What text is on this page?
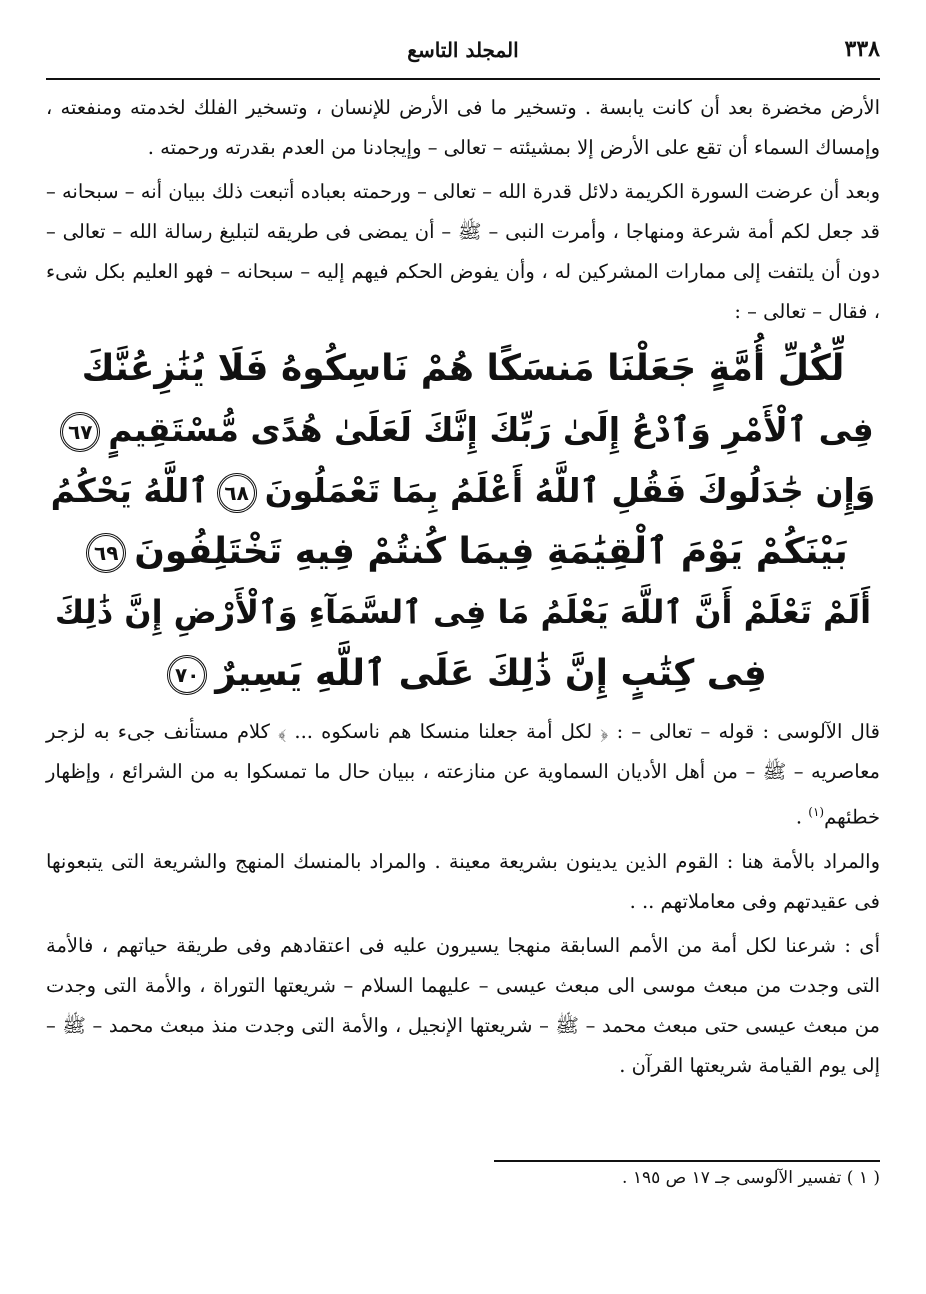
٣٣٨
المجلد التاسع

الأرض مخضرة بعد أن كانت يابسة . وتسخير ما فى الأرض للإنسان ، وتسخير الفلك لخدمته ومنفعته ، وإمساك السماء أن تقع على الأرض إلا بمشيئته – تعالى – وإيجادنا من العدم بقدرته ورحمته .

وبعد أن عرضت السورة الكريمة دلائل قدرة الله – تعالى – ورحمته بعباده أتبعت ذلك ببيان أنه – سبحانه – قد جعل لكم أمة شرعة ومنهاجا ، وأمرت النبى – ﷺ – أن يمضى فى طريقه لتبليغ رسالة الله – تعالى – دون أن يلتفت إلى ممارات المشركين له ، وأن يفوض الحكم فيهم إليه – سبحانه – فهو العليم بكل شىء ، فقال – تعالى – :

لِّكُلِّ أُمَّةٍ جَعَلْنَا مَنسَكًا هُمْ نَاسِكُوهُ فَلَا يُنَٰزِعُنَّكَ
فِى ٱلْأَمْرِ وَٱدْعُ إِلَىٰ رَبِّكَ إِنَّكَ لَعَلَىٰ هُدًى مُّسْتَقِيمٍ٦٧
وَإِن جَٰدَلُوكَ فَقُلِ ٱللَّهُ أَعْلَمُ بِمَا تَعْمَلُونَ٦٨ٱللَّهُ يَحْكُمُ
بَيْنَكُمْ يَوْمَ ٱلْقِيَٰمَةِ فِيمَا كُنتُمْ فِيهِ تَخْتَلِفُونَ٦٩
أَلَمْ تَعْلَمْ أَنَّ ٱللَّهَ يَعْلَمُ مَا فِى ٱلسَّمَآءِ وَٱلْأَرْضِ إِنَّ ذَٰلِكَ
فِى كِتَٰبٍ إِنَّ ذَٰلِكَ عَلَى ٱللَّهِ يَسِيرٌ٧٠

قال الآلوسى : قوله – تعالى – : ﴿ لكل أمة جعلنا منسكا هم ناسكوه ... ﴾ كلام مستأنف جىء به لزجر معاصريه – ﷺ – من أهل الأديان السماوية عن منازعته ، ببيان حال ما تمسكوا به من الشرائع ، وإظهار خطئهم$^{(١)}$ .

والمراد بالأمة هنا : القوم الذين يدينون بشريعة معينة . والمراد بالمنسك المنهج والشريعة التى يتبعونها فى عقيدتهم وفى معاملاتهم .. .

أى : شرعنا لكل أمة من الأمم السابقة منهجا يسيرون عليه فى اعتقادهم وفى طريقة حياتهم ، فالأمة التى وجدت من مبعث موسى الى مبعث عيسى – عليهما السلام – شريعتها التوراة ، والأمة التى وجدت من مبعث عيسى حتى مبعث محمد – ﷺ – شريعتها الإنجيل ، والأمة التى وجدت منذ مبعث محمد – ﷺ – إلى يوم القيامة شريعتها القرآن .

( ١ ) تفسير الآلوسى جـ ١٧ ص ١٩٥ .
